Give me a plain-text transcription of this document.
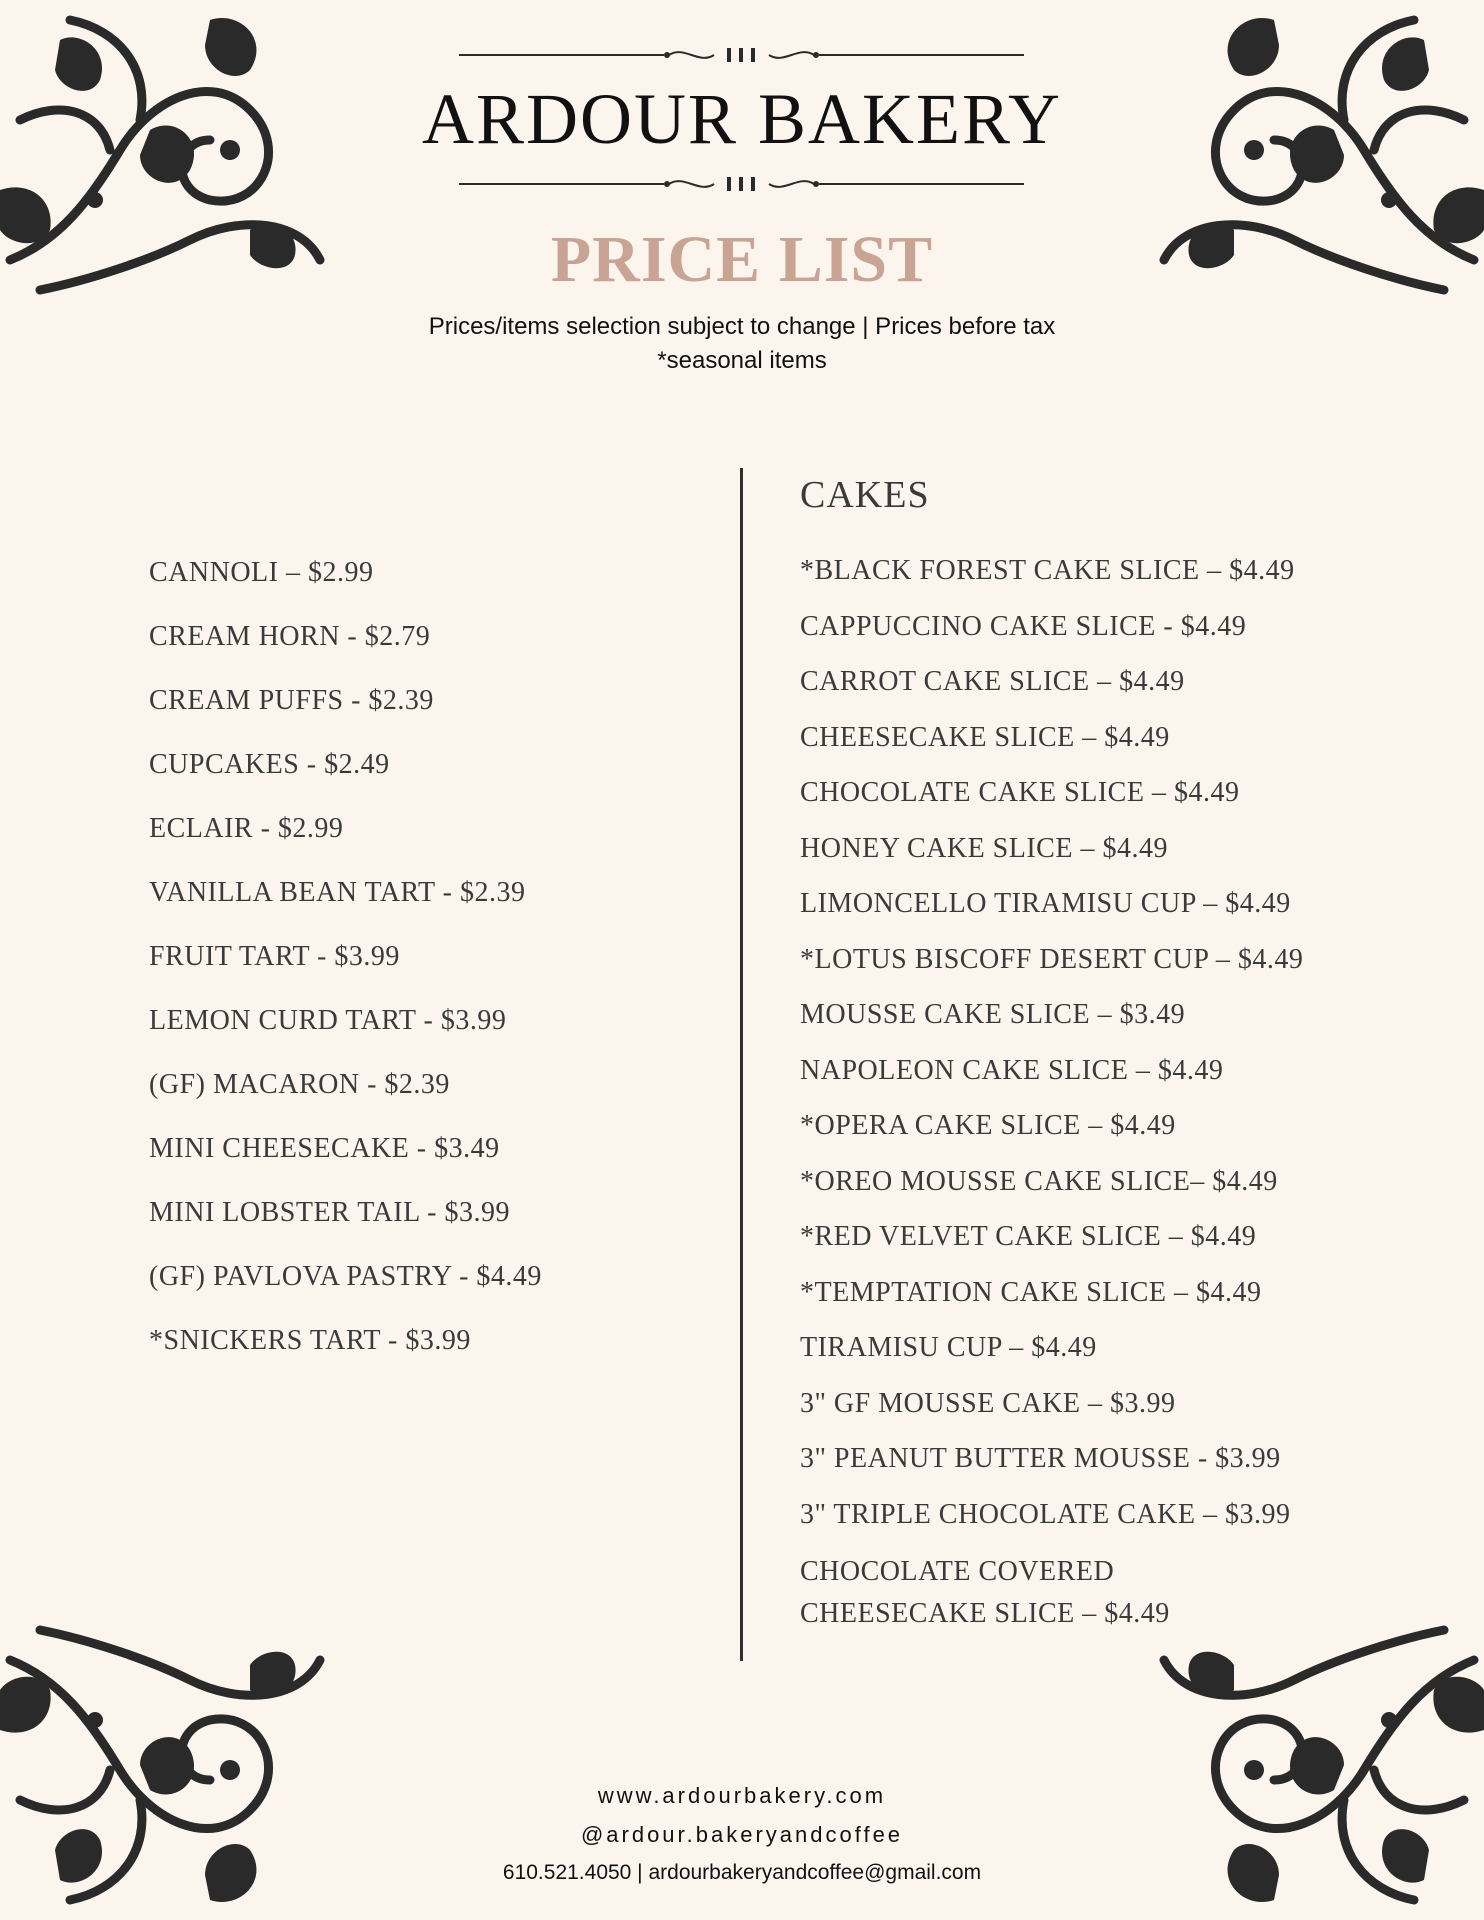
ARDOUR BAKERY
PRICE LIST
Prices/items selection subject to change | Prices before tax
*seasonal items
CANNOLI – $2.99
CREAM HORN - $2.79
CREAM PUFFS - $2.39
CUPCAKES - $2.49
ECLAIR - $2.99
VANILLA BEAN TART - $2.39
FRUIT TART - $3.99
LEMON CURD TART - $3.99
(GF) MACARON - $2.39
MINI CHEESECAKE - $3.49
MINI LOBSTER TAIL - $3.99
(GF) PAVLOVA PASTRY - $4.49
*SNICKERS TART - $3.99
CAKES
*BLACK FOREST CAKE SLICE – $4.49
CAPPUCCINO CAKE SLICE - $4.49
CARROT CAKE SLICE – $4.49
CHEESECAKE SLICE – $4.49
CHOCOLATE CAKE SLICE – $4.49
HONEY CAKE SLICE – $4.49
LIMONCELLO TIRAMISU CUP – $4.49
*LOTUS BISCOFF DESERT CUP – $4.49
MOUSSE CAKE SLICE – $3.49
NAPOLEON CAKE SLICE – $4.49
*OPERA CAKE SLICE – $4.49
*OREO MOUSSE CAKE SLICE– $4.49
*RED VELVET CAKE SLICE – $4.49
*TEMPTATION CAKE SLICE – $4.49
TIRAMISU CUP – $4.49
3" GF MOUSSE CAKE – $3.99
3" PEANUT BUTTER MOUSSE - $3.99
3" TRIPLE CHOCOLATE CAKE – $3.99
CHOCOLATE COVERED
CHEESECAKE SLICE – $4.49
www.ardourbakery.com
@ardour.bakeryandcoffee
610.521.4050 | ardourbakeryandcoffee@gmail.com
